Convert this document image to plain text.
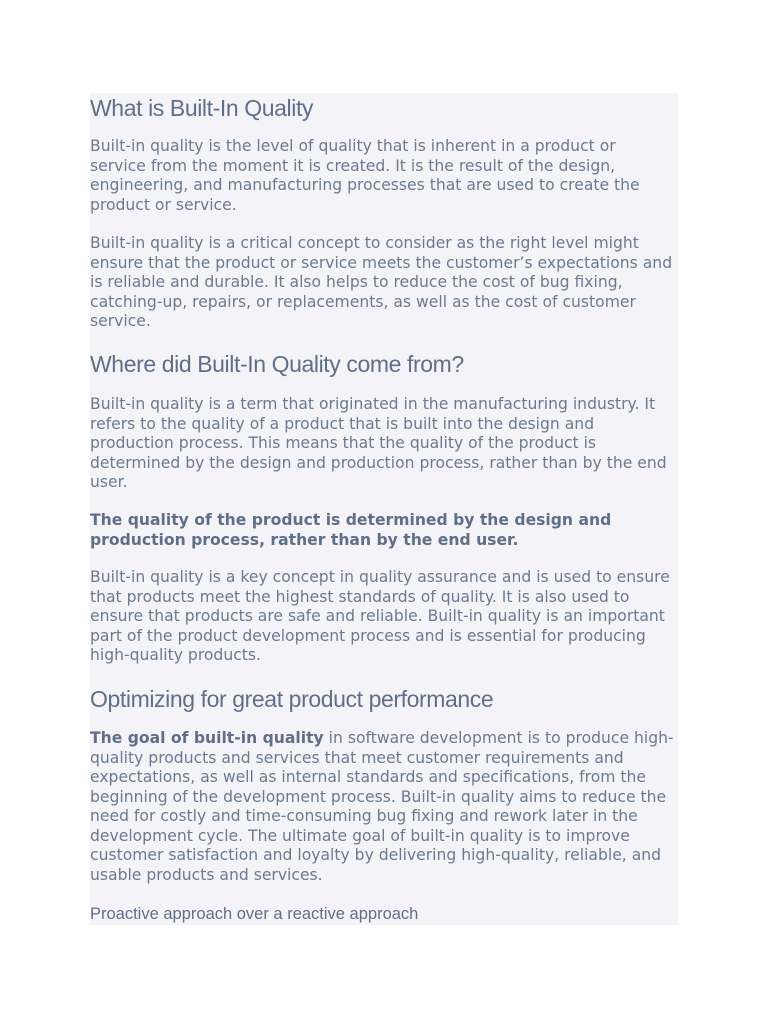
What is Built-In Quality

Built-in quality is the level of quality that is inherent in a product or service from the moment it is created. It is the result of the design, engineering, and manufacturing processes that are used to create the product or service.

Built-in quality is a critical concept to consider as the right level might ensure that the product or service meets the customer’s expectations and is reliable and durable. It also helps to reduce the cost of bug fixing, catching-up, repairs, or replacements, as well as the cost of customer service.

Where did Built-In Quality come from?

Built-in quality is a term that originated in the manufacturing industry. It refers to the quality of a product that is built into the design and production process. This means that the quality of the product is determined by the design and production process, rather than by the end user.

The quality of the product is determined by the design and production process, rather than by the end user.

Built-in quality is a key concept in quality assurance and is used to ensure that products meet the highest standards of quality. It is also used to ensure that products are safe and reliable. Built-in quality is an important part of the product development process and is essential for producing high-quality products.

Optimizing for great product performance

The goal of built-in quality in software development is to produce high-quality products and services that meet customer requirements and expectations, as well as internal standards and specifications, from the beginning of the development process. Built-in quality aims to reduce the need for costly and time-consuming bug fixing and rework later in the development cycle. The ultimate goal of built-in quality is to improve customer satisfaction and loyalty by delivering high-quality, reliable, and usable products and services.

Proactive approach over a reactive approach
